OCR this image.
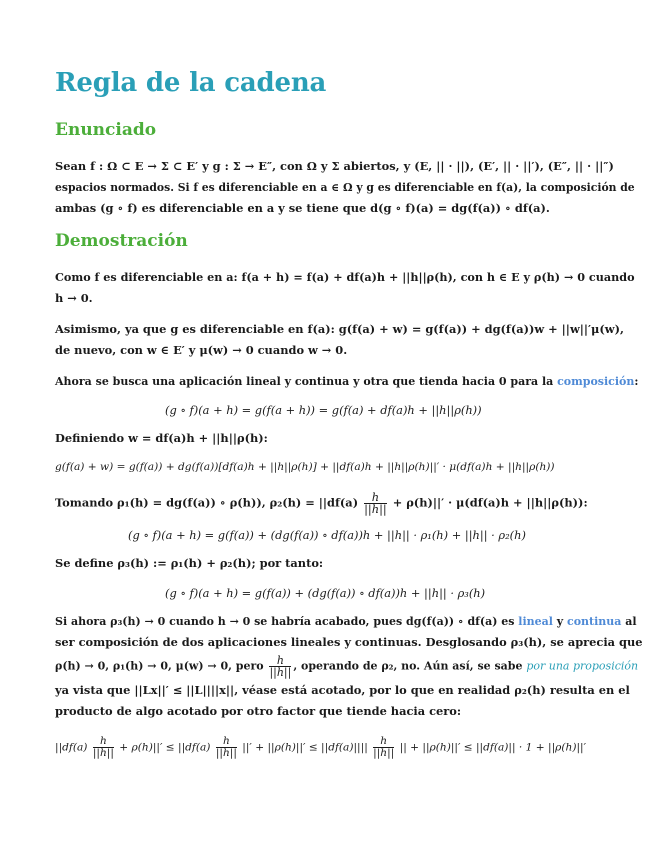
Regla de la cadena
Enunciado
Sean f : Ω ⊂ E → Σ ⊂ E′ y g : Σ → E″, con Ω y Σ abiertos, y (E, || · ||), (E′, || · ||′), (E″, || · ||″)
espacios normados. Si f es diferenciable en a ∈ Ω y g es diferenciable en f(a), la composición de
ambas (g ∘ f) es diferenciable en a y se tiene que d(g ∘ f)(a) = dg(f(a)) ∘ df(a).
Demostración
Como f es diferenciable en a: f(a + h) = f(a) + df(a)h + ||h||ρ(h), con h ∈ E y ρ(h) → 0 cuando
h → 0.
Asimismo, ya que g es diferenciable en f(a): g(f(a) + w) = g(f(a)) + dg(f(a))w + ||w||′μ(w),
de nuevo, con w ∈ E′ y μ(w) → 0 cuando w → 0.
Ahora se busca una aplicación lineal y continua y otra que tienda hacia 0 para la composición:
(g ∘ f)(a + h) = g(f(a + h)) = g(f(a) + df(a)h + ||h||ρ(h))
Definiendo w = df(a)h + ||h||ρ(h):
g(f(a) + w) = g(f(a)) + dg(f(a))[df(a)h + ||h||ρ(h)] + ||df(a)h + ||h||ρ(h)||′ · μ(df(a)h + ||h||ρ(h))
Tomando ρ₁(h) = dg(f(a)) ∘ ρ(h)), $\rho_2(h) = ||df(a) \frac{h}{||h||} + \rho(h)||' \cdot \mu(df(a)h + ||h||\rho(h))$:
(g ∘ f)(a + h) = g(f(a)) + (dg(f(a)) ∘ df(a))h + ||h|| · ρ₁(h) + ||h|| · ρ₂(h)
Se define ρ₃(h) := ρ₁(h) + ρ₂(h); por tanto:
(g ∘ f)(a + h) = g(f(a)) + (dg(f(a)) ∘ df(a))h + ||h|| · ρ₃(h)
Si ahora ρ₃(h) → 0 cuando h → 0 se habría acabado, pues dg(f(a)) ∘ df(a) es lineal y continua al
ser composición de dos aplicaciones lineales y continuas. Desglosando ρ₃(h), se aprecia que
ρ(h) → 0, ρ₁(h) → 0, μ(w) → 0, pero $\frac{h}{||h||}$ , operando de ρ₂, no. Aún así, se sabe por una proposición
ya vista que ||Lx||′ ≤ ||L||||x||, véase está acotado, por lo que en realidad ρ₂(h) resulta en el
producto de algo acotado por otro factor que tiende hacia cero:
$||df(a) \frac{h}{||h||} + \rho(h)||' \le ||df(a) \frac{h}{||h||}$ ||′ + $||\rho(h)||' \le ||df(a)|||| \frac{h}{||h||}$ || + ||ρ(h)||′ ≤ ||df(a)|| · 1 + ||ρ(h)||′
